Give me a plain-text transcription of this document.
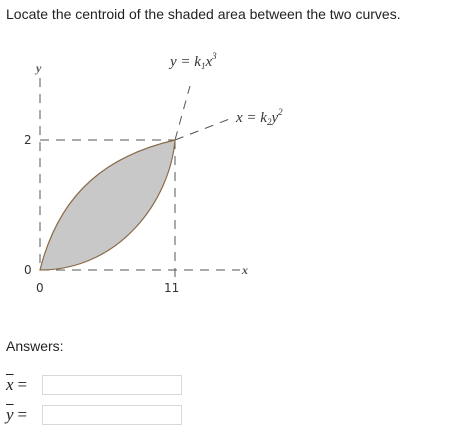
Locate the centroid of the shaded area between the two curves.
$y = k_1x^3$
$x = k_2y^2$
y
x
2
0
0	11
Answers:
$\overline{x}$ =
$\overline{y}$ =
